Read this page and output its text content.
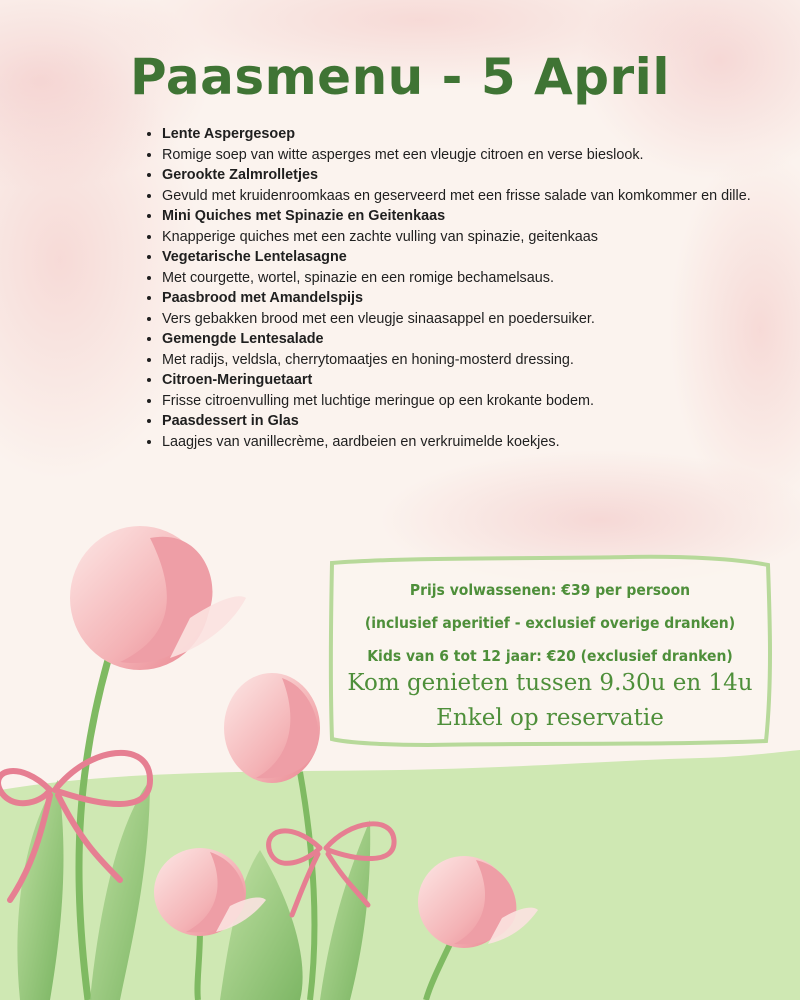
Paasmenu - 5 April
• Lente Aspergesoep
• Romige soep van witte asperges met een vleugje citroen en verse bieslook.
• Gerookte Zalmrolletjes
• Gevuld met kruidenroomkaas en geserveerd met een frisse salade van komkommer en dille.
• Mini Quiches met Spinazie en Geitenkaas
• Knapperige quiches met een zachte vulling van spinazie, geitenkaas
• Vegetarische Lentelasagne
• Met courgette, wortel, spinazie en een romige bechamelsaus.
• Paasbrood met Amandelspijs
• Vers gebakken brood met een vleugje sinaasappel en poedersuiker.
• Gemengde Lentesalade
• Met radijs, veldsla, cherrytomaatjes en honing-mosterd dressing.
• Citroen-Meringuetaart
• Frisse citroenvulling met luchtige meringue op een krokante bodem.
• Paasdessert in Glas
• Laagjes van vanillecrème, aardbeien en verkruimelde koekjes.
Prijs volwassenen: €39 per persoon
(inclusief aperitief - exclusief overige dranken)
Kids van 6 tot 12 jaar: €20 (exclusief dranken)
Kom genieten tussen 9.30u en 14u
Enkel op reservatie
